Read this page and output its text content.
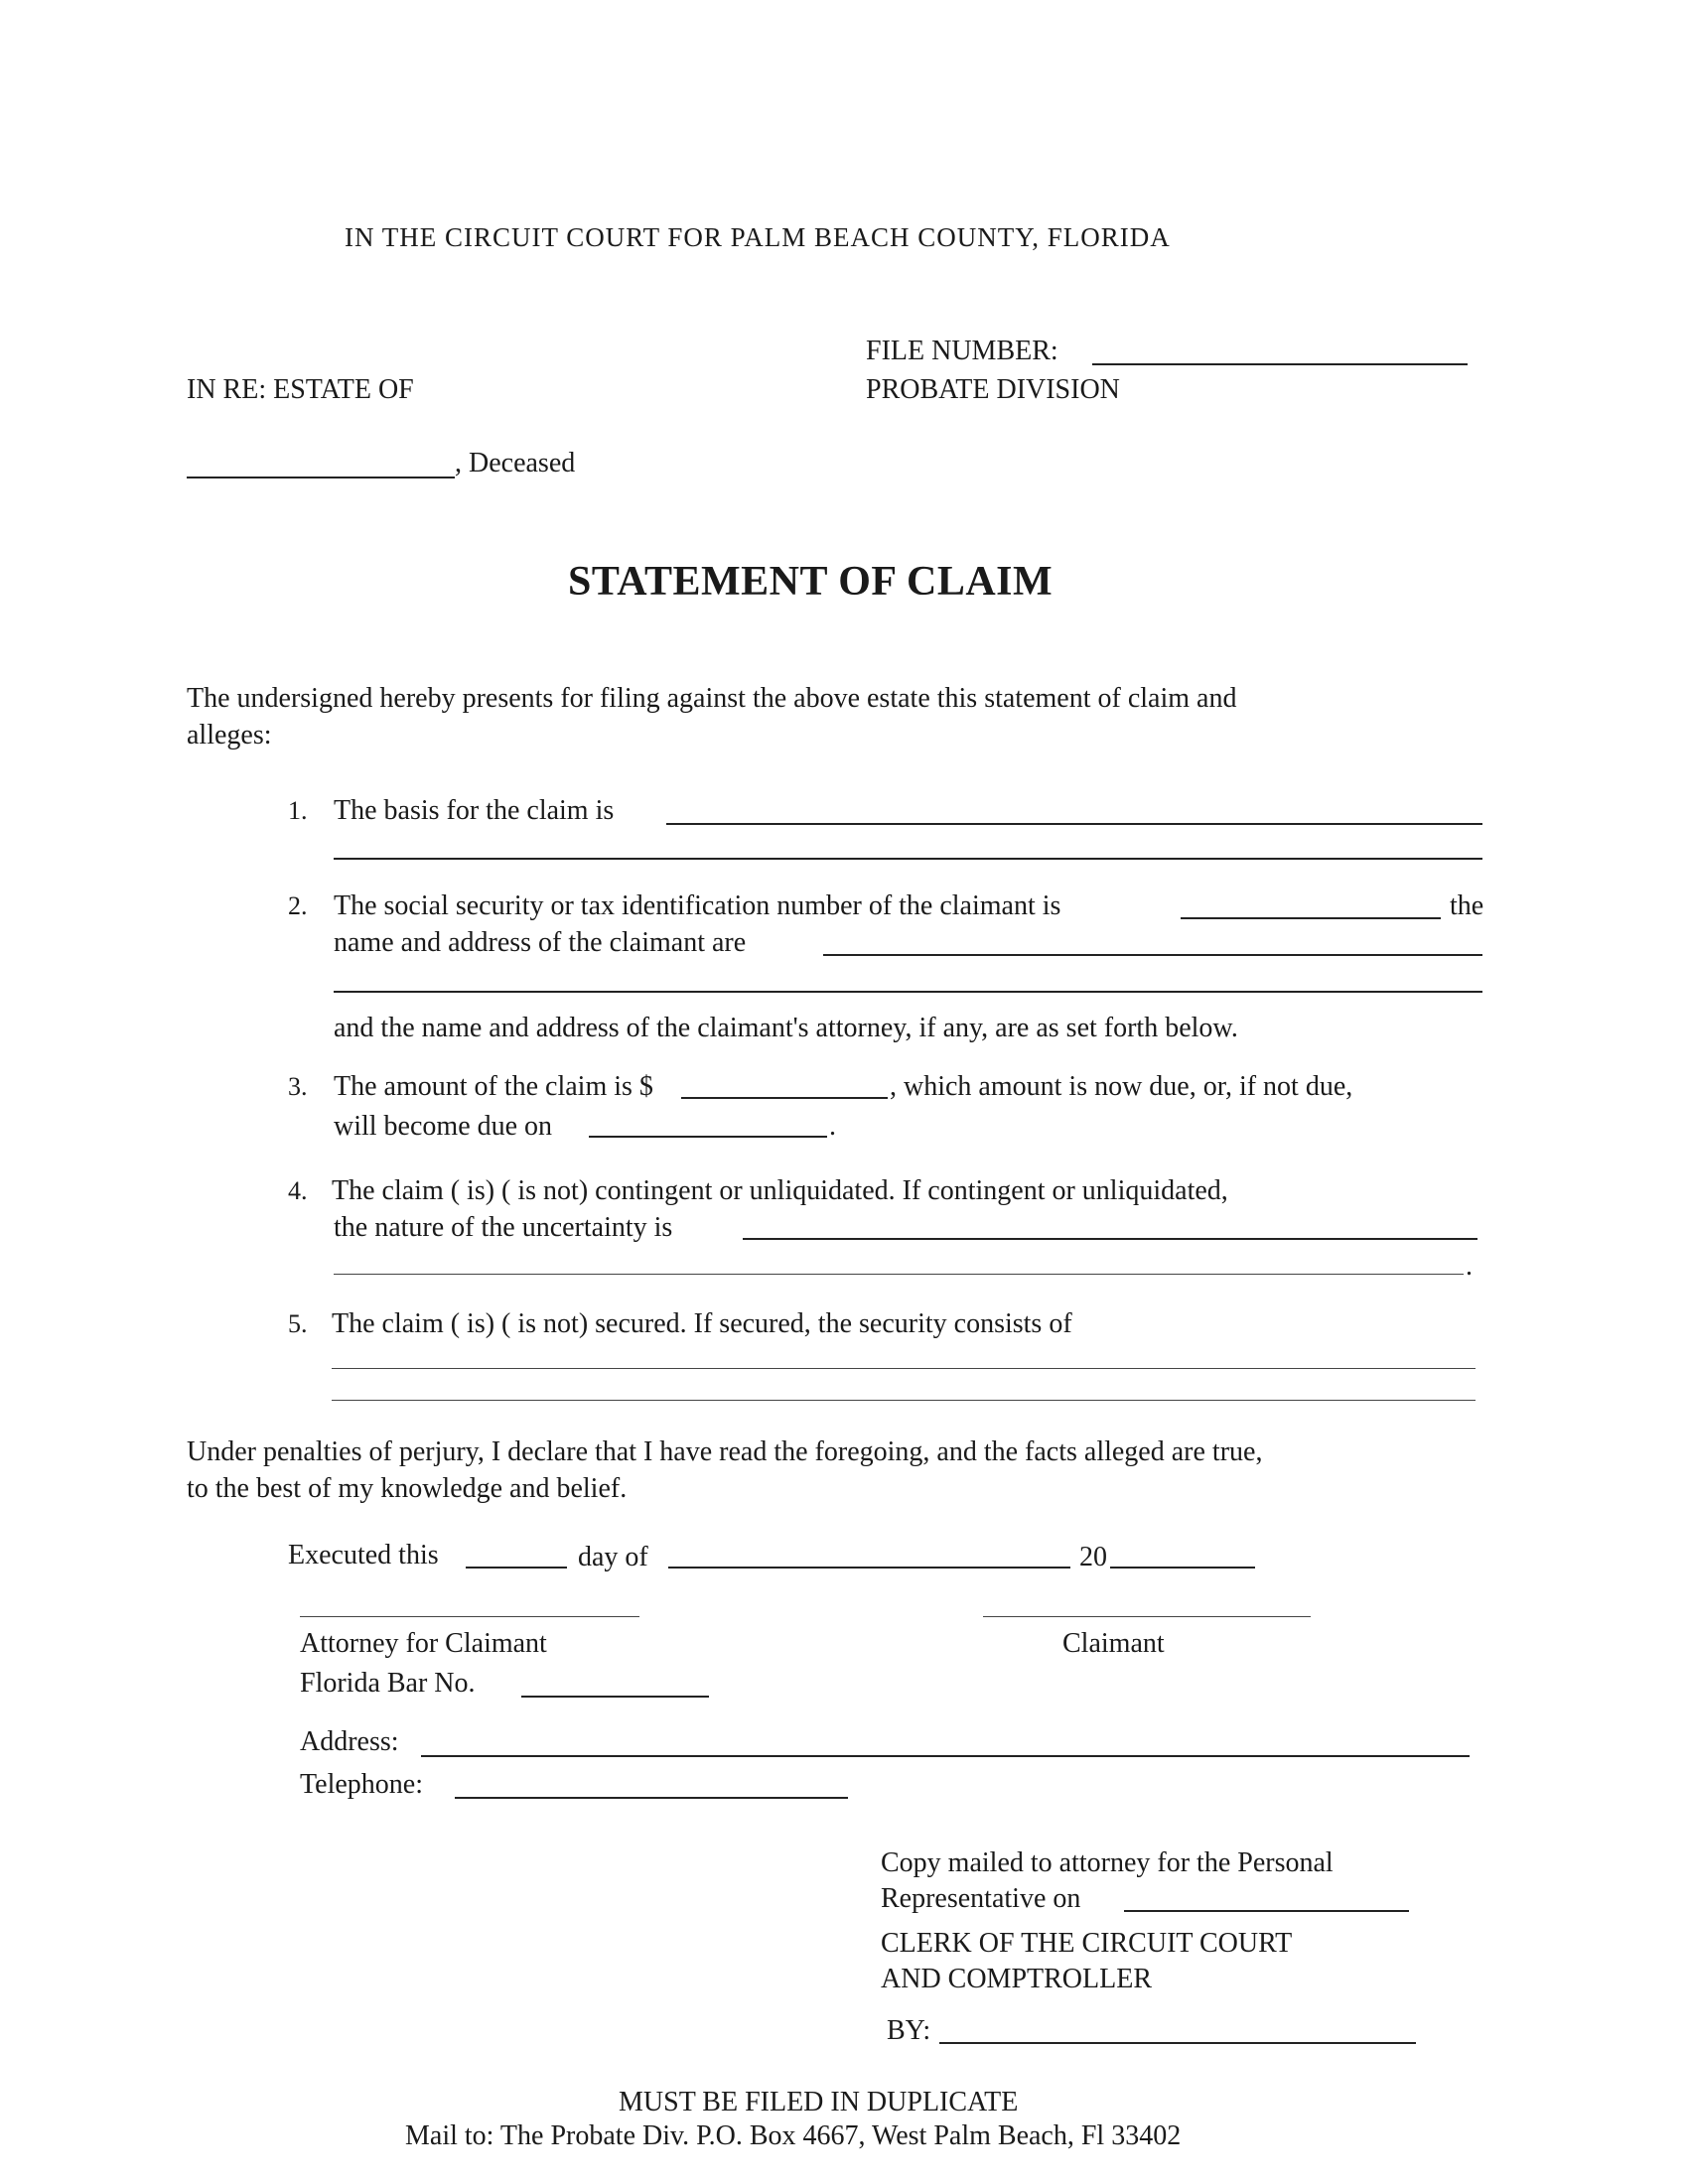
IN THE CIRCUIT COURT FOR PALM BEACH COUNTY, FLORIDA
FILE NUMBER:
PROBATE DIVISION
IN RE: ESTATE OF
, Deceased
STATEMENT OF CLAIM
The undersigned hereby presents for filing against the above estate this statement of claim and
alleges:
1. The basis for the claim is
2. The social security or tax identification number of the claimant is	the
name and address of the claimant are
and the name and address of the claimant's attorney, if any, are as set forth below.
3. The amount of the claim is $	, which amount is now due, or, if not due,
will become due on	.
4. The claim ( is) ( is not) contingent or unliquidated. If contingent or unliquidated,
the nature of the uncertainty is
.
5. The claim ( is) ( is not) secured. If secured, the security consists of
Under penalties of perjury, I declare that I have read the foregoing, and the facts alleged are true,
to the best of my knowledge and belief.
Executed this	day of	20
Attorney for Claimant	Claimant
Florida Bar No.
Address:
Telephone:
Copy mailed to attorney for the Personal
Representative on
CLERK OF THE CIRCUIT COURT
AND COMPTROLLER
BY:
MUST BE FILED IN DUPLICATE
Mail to: The Probate Div. P.O. Box 4667, West Palm Beach, Fl 33402
